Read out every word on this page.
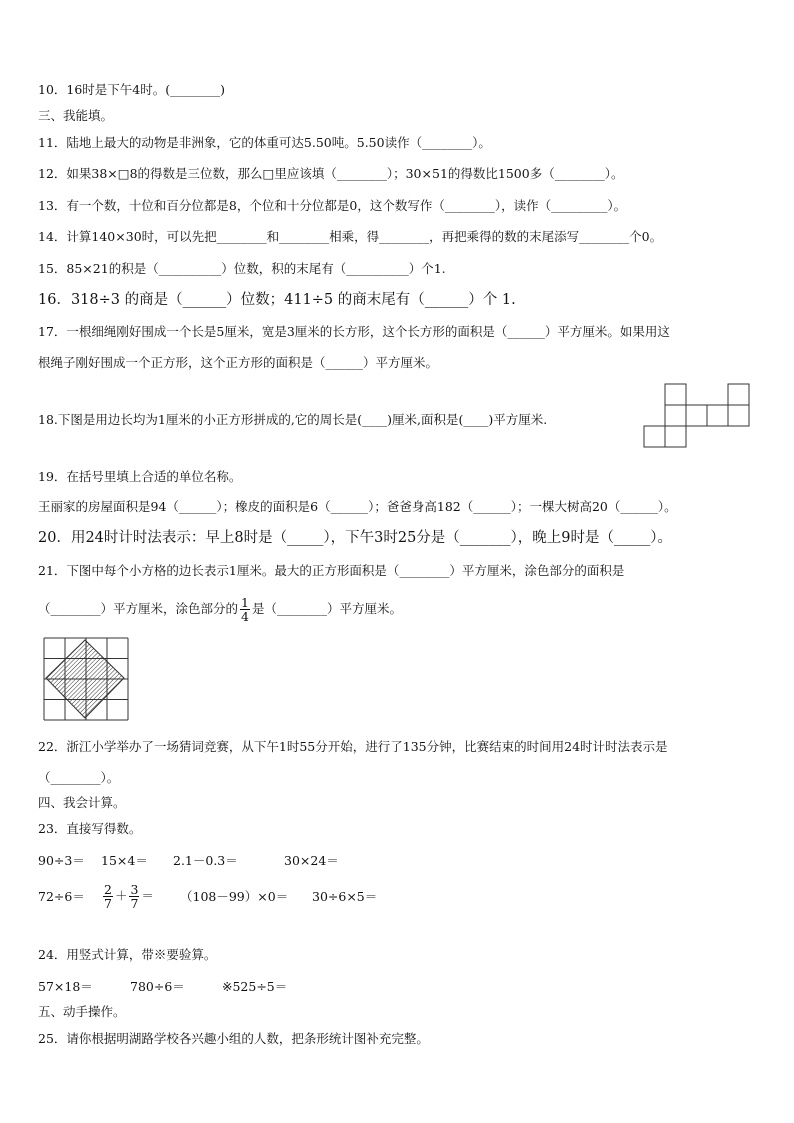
10．16时是下午4时。(________)
三、我能填。
11．陆地上最大的动物是非洲象，它的体重可达5.50吨。5.50读作（________）。
12．如果38×□8的得数是三位数，那么□里应该填（________）；30×51的得数比1500多（________）。
13．有一个数，十位和百分位都是8，个位和十分位都是0，这个数写作（________），读作（_________）。
14．计算140×30时，可以先把________和________相乘，得________，再把乘得的数的末尾添写________个0。
15．85×21的积是（__________）位数，积的末尾有（__________）个1.
16．318÷3 的商是（______）位数；411÷5 的商末尾有（______）个 1.
17．一根细绳刚好围成一个长是5厘米，宽是3厘米的长方形，这个长方形的面积是（______）平方厘米。如果用这
根绳子刚好围成一个正方形，这个正方形的面积是（______）平方厘米。
18.下图是用边长均为1厘米的小正方形拼成的,它的周长是(____)厘米,面积是(____)平方厘米.
19．在括号里填上合适的单位名称。
王丽家的房屋面积是94（______）；橡皮的面积是6（______）；爸爸身高182（______）；一棵大树高20（______）。
20．用24时计时法表示：早上8时是（_____），下午3时25分是（_______），晚上9时是（_____）。
21．下图中每个小方格的边长表示1厘米。最大的正方形面积是（________）平方厘米，涂色部分的面积是
（________）平方厘米，涂色部分的 $\frac{1}{4}$ 是（________）平方厘米。
22．浙江小学举办了一场猜词竞赛，从下午1时55分开始，进行了135分钟，比赛结束的时间用24时计时法表示是
（________）。
四、我会计算。
23．直接写得数。
90÷3＝ 15×4＝ 2.1－0.3＝	30×24＝
$72\div 6= \frac{2}{7} + \frac{3}{7} = (108-99)\times 0= 30\div 6\times 5=$
24．用竖式计算，带※要验算。
57×18＝	780÷6＝	※525÷5＝
五、动手操作。
25．请你根据明湖路学校各兴趣小组的人数，把条形统计图补充完整。
